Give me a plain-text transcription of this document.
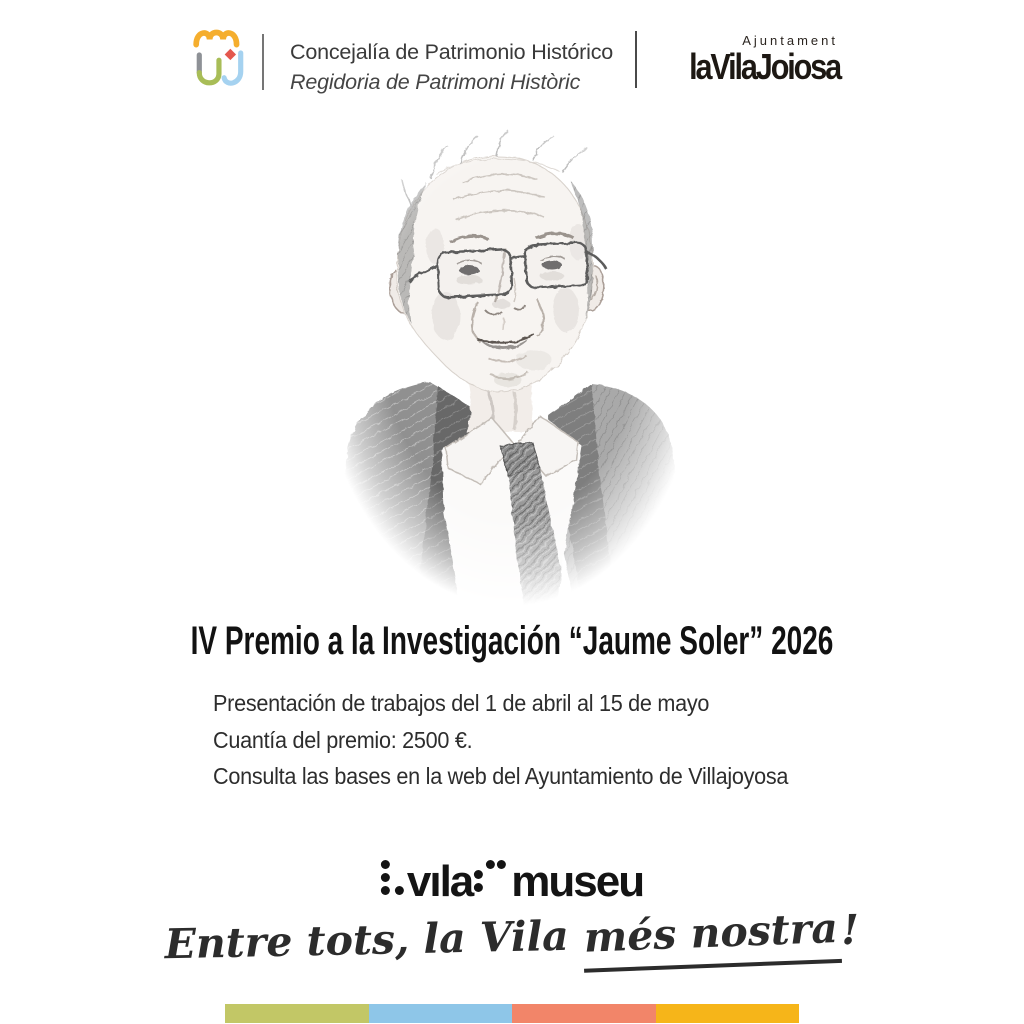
Concejalía de Patrimonio Histórico
Regidoria de Patrimoni Històric
Ajuntament
laVilaJoiosa
IV Premio a la Investigación “Jaume Soler” 2026
Presentación de trabajos del 1 de abril al 15 de mayo
Cuantía del premio: 2500 €.
Consulta las bases en la web del Ayuntamiento de Villajoyosa
vıla museu
Entre tots, la Vila més nostra!
